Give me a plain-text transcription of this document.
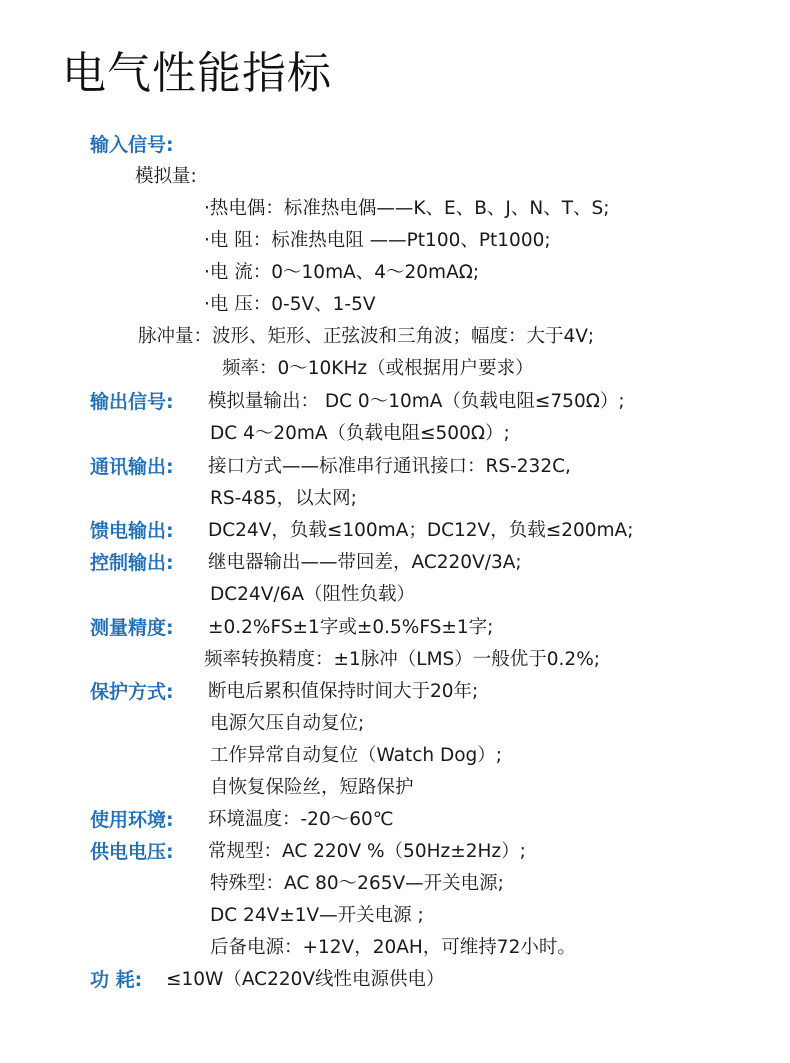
电气性能指标
输入信号:
模拟量:
·热电偶：标准热电偶——K、E、B、J、N、T、S;
·电 阻：标准热电阻 ——Pt100、Pt1000;
·电 流：0～10mA、4～20mAΩ;
·电 压：0-5V、1-5V
脉冲量：波形、矩形、正弦波和三角波；幅度：大于4V;
频率：0～10KHz（或根据用户要求）
输出信号: 模拟量输出： DC 0～10mA（负载电阻≤750Ω）;
DC 4～20mA（负载电阻≤500Ω）;
通讯输出: 接口方式——标准串行通讯接口：RS-232C,
RS-485，以太网;
馈电输出: DC24V，负载≤100mA；DC12V，负载≤200mA;
控制输出: 继电器输出——带回差，AC220V/3A;
DC24V/6A（阻性负载）
测量精度: ±0.2%FS±1字或±0.5%FS±1字;
频率转换精度：±1脉冲（LMS）一般优于0.2%;
保护方式: 断电后累积值保持时间大于20年;
电源欠压自动复位;
工作异常自动复位（Watch Dog）;
自恢复保险丝，短路保护
使用环境: 环境温度：-20～60℃
供电电压: 常规型：AC 220V %（50Hz±2Hz）;
特殊型：AC 80～265V—开关电源;
DC 24V±1V—开关电源 ;
后备电源：+12V，20AH，可维持72小时。
功 耗: ≤10W（AC220V线性电源供电）
